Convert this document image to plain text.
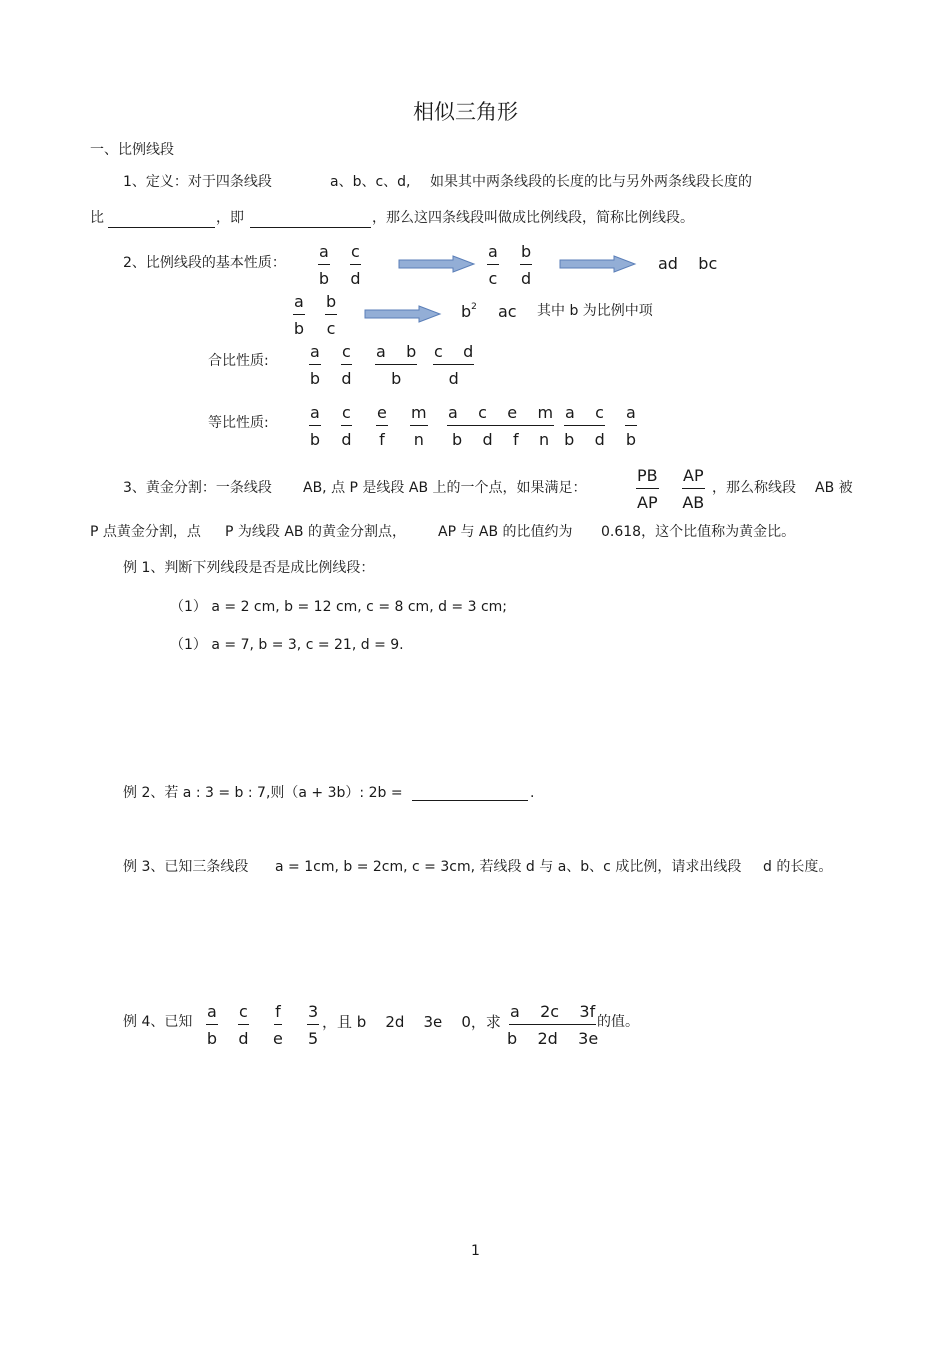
相似三角形
一、比例线段
1、定义：对于四条线段	a、b、c、d, 如果其中两条线段的长度的比与另外两条线段长度的
比	，即	，那么这四条线段叫做成比例线段，简称比例线段。
2、比例线段的基本性质： $\frac{a}{b} \frac{c}{d}$	$\frac{a}{c} \frac{b}{d}$	ad    bc
$\frac{a}{b} \frac{b}{c}$	$b^2$ ac 其中 b 为比例中项
合比性质:	$\frac{a}{b} \frac{c}{d} \frac{\text{a    b}}{b} \frac{\text{c    d}}{d}$
等比性质:	$\frac{a}{b} \frac{c}{d} \frac{e}{f} \frac{m}{n} \frac{\text{a    c    e    m}}{\text{b    d    f    n}} \frac{\text{a    c}}{\text{b    d}} \frac{a}{b}$
3、黄金分割：一条线段 AB, 点 P 是线段 AB 上的一个点，如果满足：	$\frac{PB}{AP} \frac{AP}{AB}$ ，那么称线段 AB 被
P 点黄金分割，点 P 为线段 AB 的黄金分割点， AP 与 AB 的比值约为 0.618，这个比值称为黄金比。
例 1、判断下列线段是否是成比例线段：
（1） a = 2 cm, b = 12 cm, c = 8 cm, d = 3 cm;
（1） a = 7, b = 3, c = 21, d = 9.
例 2、若 a : 3 = b : 7,则（a + 3b）: 2b =	.
例 3、已知三条线段 a = 1cm, b = 2cm, c = 3cm, 若线段 d 与 a、b、c 成比例，请求出线段 d 的长度。
例 4、已知 $\frac{a}{b} \frac{c}{d} \frac{f}{e} \frac{3}{5}$ ，且 b    2d    3e    0，求 $\frac{a 2c 3f}{b 2d 3e}$
的值。
1
